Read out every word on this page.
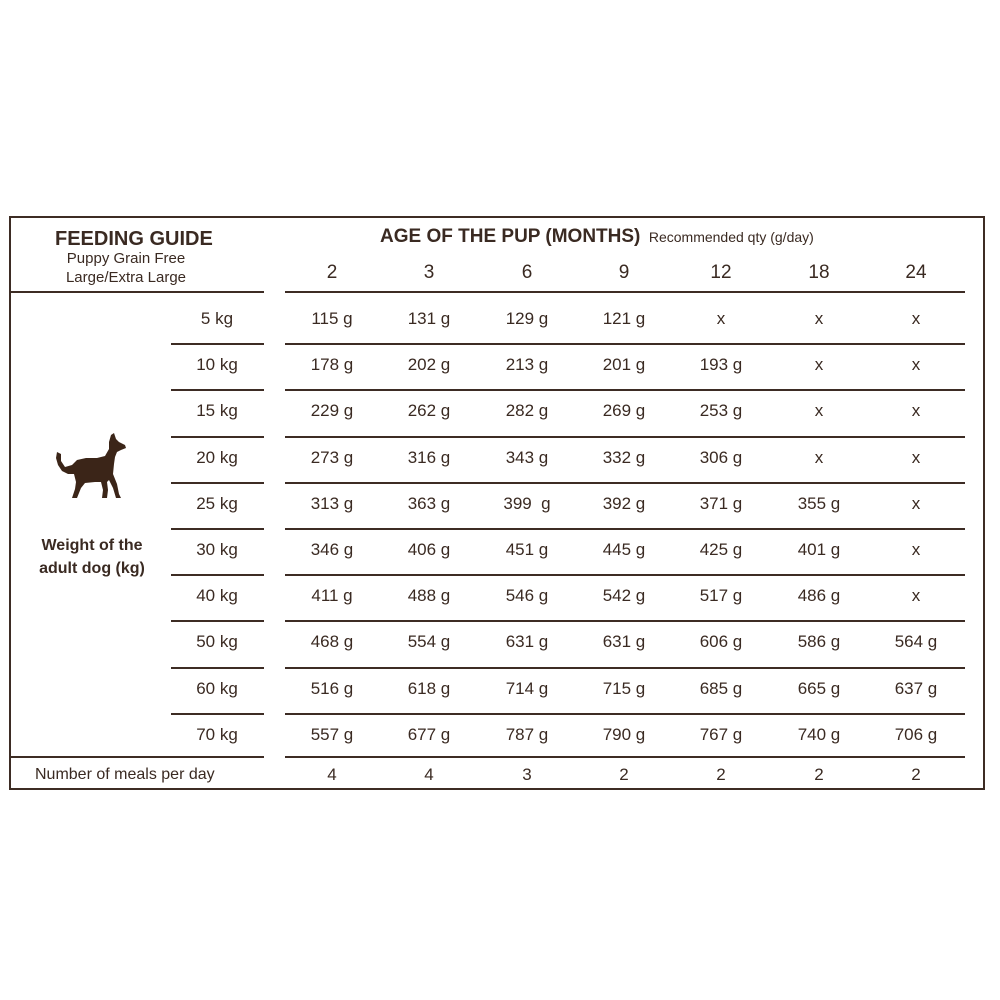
FEEDING GUIDE
Puppy Grain Free
Large/Extra Large
AGE OF THE PUP (MONTHS) Recommended qty (g/day)
2	3	6	9	12	18	24
Weight of the
adult dog (kg)
5 kg	115 g	131 g	129 g	121 g	x	x	x
10 kg	178 g	202 g	213 g	201 g	193 g	x	x
15 kg	229 g	262 g	282 g	269 g	253 g	x	x
20 kg	273 g	316 g	343 g	332 g	306 g	x	x
25 kg	313 g	363 g	399  g	392 g	371 g	355 g	x
30 kg	346 g	406 g	451 g	445 g	425 g	401 g	x
40 kg	411 g	488 g	546 g	542 g	517 g	486 g	x
50 kg	468 g	554 g	631 g	631 g	606 g	586 g	564 g
60 kg	516 g	618 g	714 g	715 g	685 g	665 g	637 g
70 kg	557 g	677 g	787 g	790 g	767 g	740 g	706 g
Number of meals per day	4	4	3	2	2	2	2
